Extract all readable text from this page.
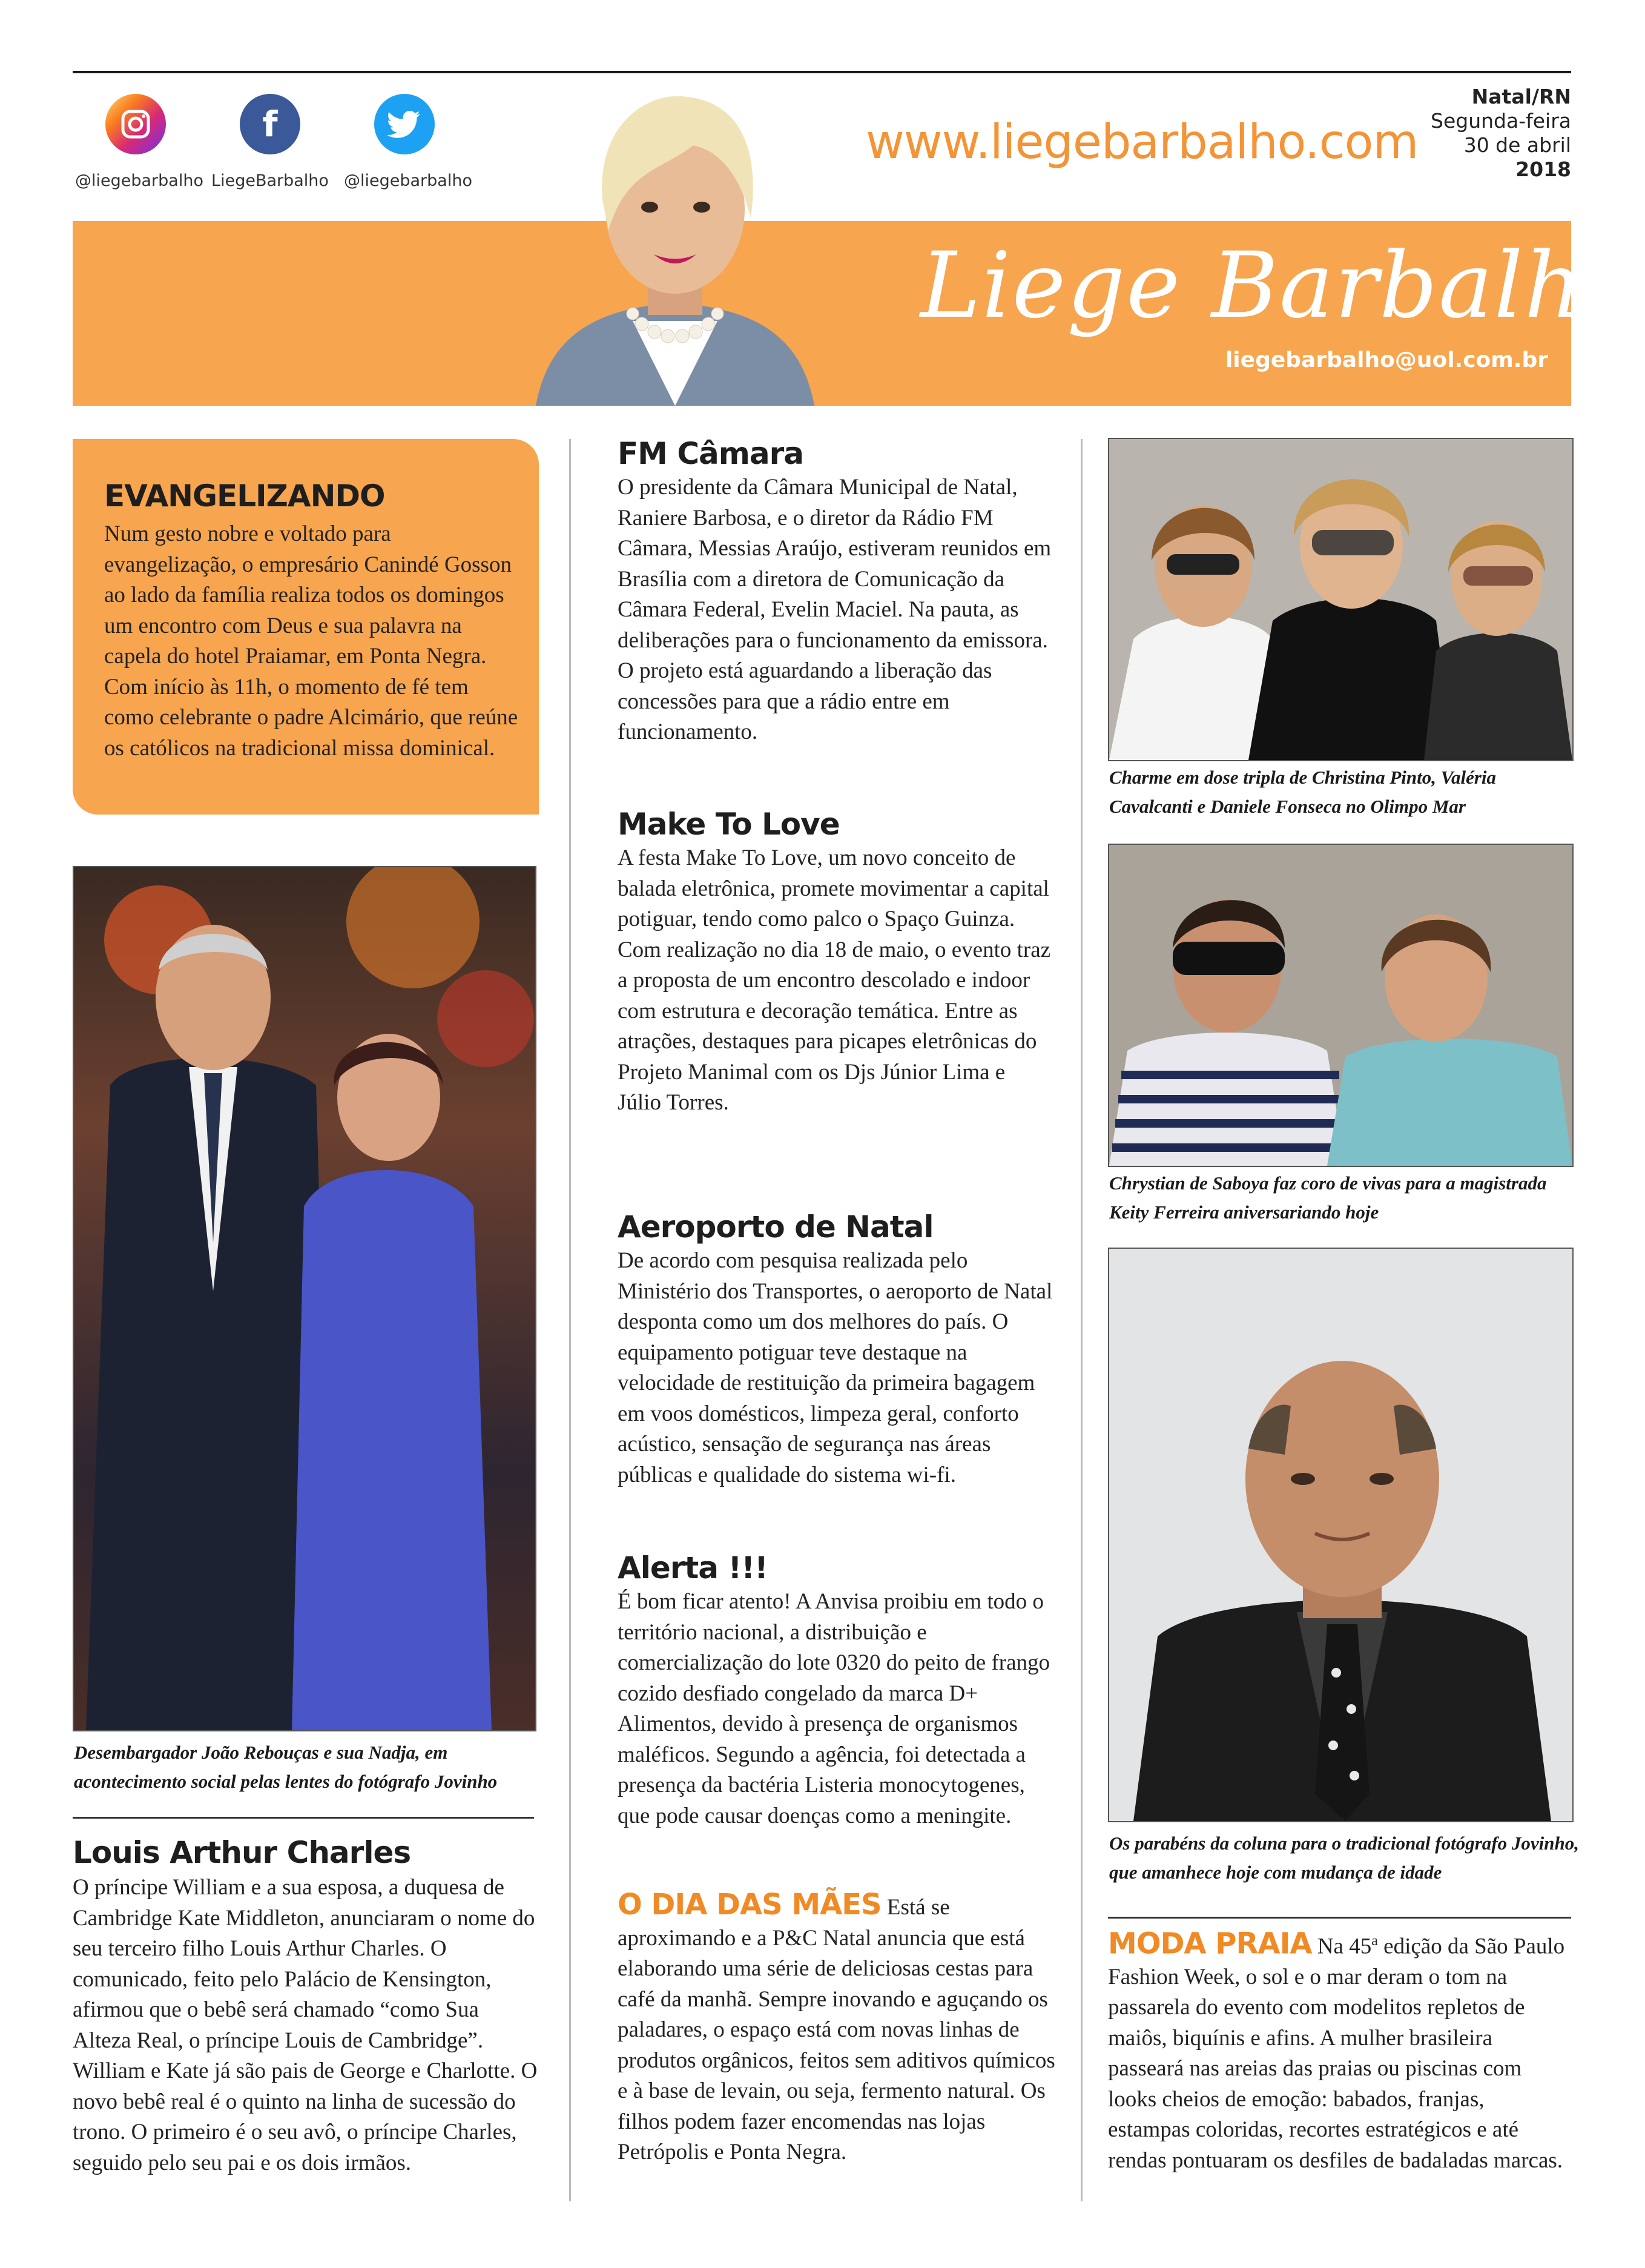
@liegebarbalho
f
LiegeBarbalho @liegebarbalho
www.liegebarbalho.com
Natal/RN
Segunda-feira
30 de abril
2018
Liege Barbalho
liegebarbalho@uol.com.br
EVANGELIZANDO
Num gesto nobre e voltado para evangelização, o empresário Canindé Gosson ao lado da família realiza todos os domingos um encontro com Deus e sua palavra na capela do hotel Praiamar, em Ponta Negra. Com início às 11h, o momento de fé tem como celebrante o padre Alcimário, que reúne os católicos na tradicional missa dominical.
Desembargador João Rebouças e sua Nadja, em acontecimento social pelas lentes do fotógrafo Jovinho
Louis Arthur Charles
O príncipe William e a sua esposa, a duquesa de Cambridge Kate Middleton, anunciaram o nome do seu terceiro filho Louis Arthur Charles. O comunicado, feito pelo Palácio de Kensington, afirmou que o bebê será chamado “como Sua Alteza Real, o príncipe Louis de Cambridge”. William e Kate já são pais de George e Charlotte. O novo bebê real é o quinto na linha de sucessão do trono. O primeiro é o seu avô, o príncipe Charles, seguido pelo seu pai e os dois irmãos.
FM Câmara
O presidente da Câmara Municipal de Natal, Raniere Barbosa, e o diretor da Rádio FM Câmara, Messias Araújo, estiveram reunidos em Brasília com a diretora de Comunicação da Câmara Federal, Evelin Maciel. Na pauta, as deliberações para o funcionamento da emissora. O projeto está aguardando a liberação das concessões para que a rádio entre em funcionamento.
Make To Love
A festa Make To Love, um novo conceito de balada eletrônica, promete movimentar a capital potiguar, tendo como palco o Spaço Guinza. Com realização no dia 18 de maio, o evento traz a proposta de um encontro descolado e indoor com estrutura e decoração temática. Entre as atrações, destaques para picapes eletrônicas do Projeto Manimal com os Djs Júnior Lima e Júlio Torres.
Aeroporto de Natal
De acordo com pesquisa realizada pelo Ministério dos Transportes, o aeroporto de Natal desponta como um dos melhores do país. O equipamento potiguar teve destaque na velocidade de restituição da primeira bagagem em voos domésticos, limpeza geral, conforto acústico, sensação de segurança nas áreas públicas e qualidade do sistema wi-fi.
Alerta !!!
É bom ficar atento! A Anvisa proibiu em todo o território nacional, a distribuição e comercialização do lote 0320 do peito de frango cozido desfiado congelado da marca D+ Alimentos, devido à presença de organismos maléficos. Segundo a agência, foi detectada a presença da bactéria Listeria monocytogenes, que pode causar doenças como a meningite.
O DIA DAS MÃES Está se aproximando e a P&C Natal anuncia que está elaborando uma série de deliciosas cestas para café da manhã. Sempre inovando e aguçando os paladares, o espaço está com novas linhas de produtos orgânicos, feitos sem aditivos químicos e à base de levain, ou seja, fermento natural. Os filhos podem fazer encomendas nas lojas Petrópolis e Ponta Negra.
Charme em dose tripla de Christina Pinto, Valéria Cavalcanti e Daniele Fonseca no Olimpo Mar
Chrystian de Saboya faz coro de vivas para a magistrada Keity Ferreira aniversariando hoje
Os parabéns da coluna para o tradicional fotógrafo Jovinho, que amanhece hoje com mudança de idade
MODA PRAIA Na 45$^a$ edição da São Paulo Fashion Week, o sol e o mar deram o tom na passarela do evento com modelitos repletos de maiôs, biquínis e afins. A mulher brasileira passeará nas areias das praias ou piscinas com looks cheios de emoção: babados, franjas, estampas coloridas, recortes estratégicos e até rendas pontuaram os desfiles de badaladas marcas.
